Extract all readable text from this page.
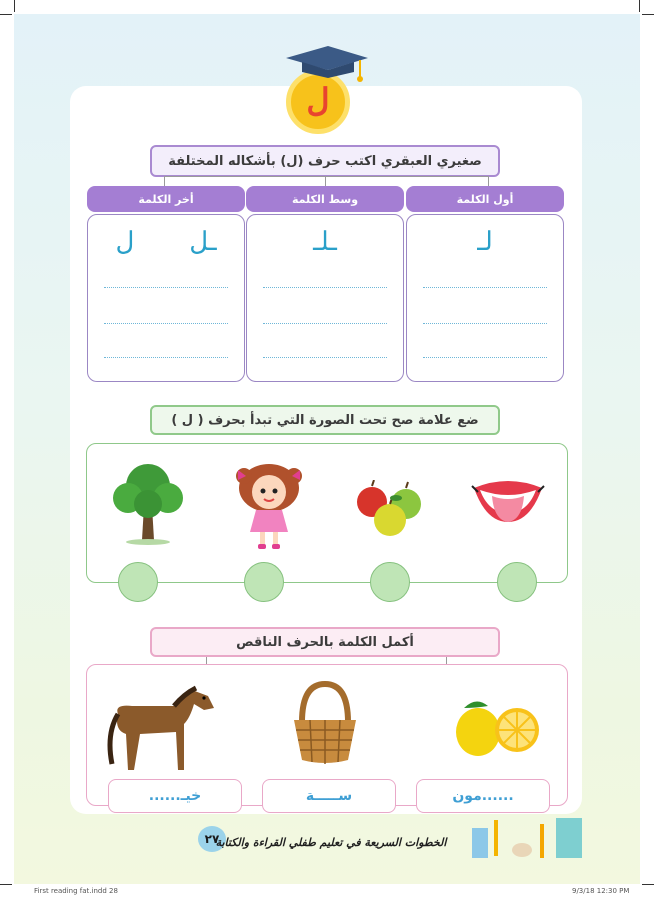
ل
صغيري العبقري اكتب حرف (ل) بأشكاله المختلفة
أول الكلمة
وسط الكلمة
أخر الكلمة
لـ
ـلـ
ـل
ل
ضع علامة صح تحت الصورة التي تبدأ بحرف ( ل )
أكمل الكلمة بالحرف الناقص
......مون
ســـــة
خيـ......
٢٧
الخطوات السريعة في تعليم طفلي القراءة والكتابة
First reading fat.indd 28	9/3/18 12:30 PM
